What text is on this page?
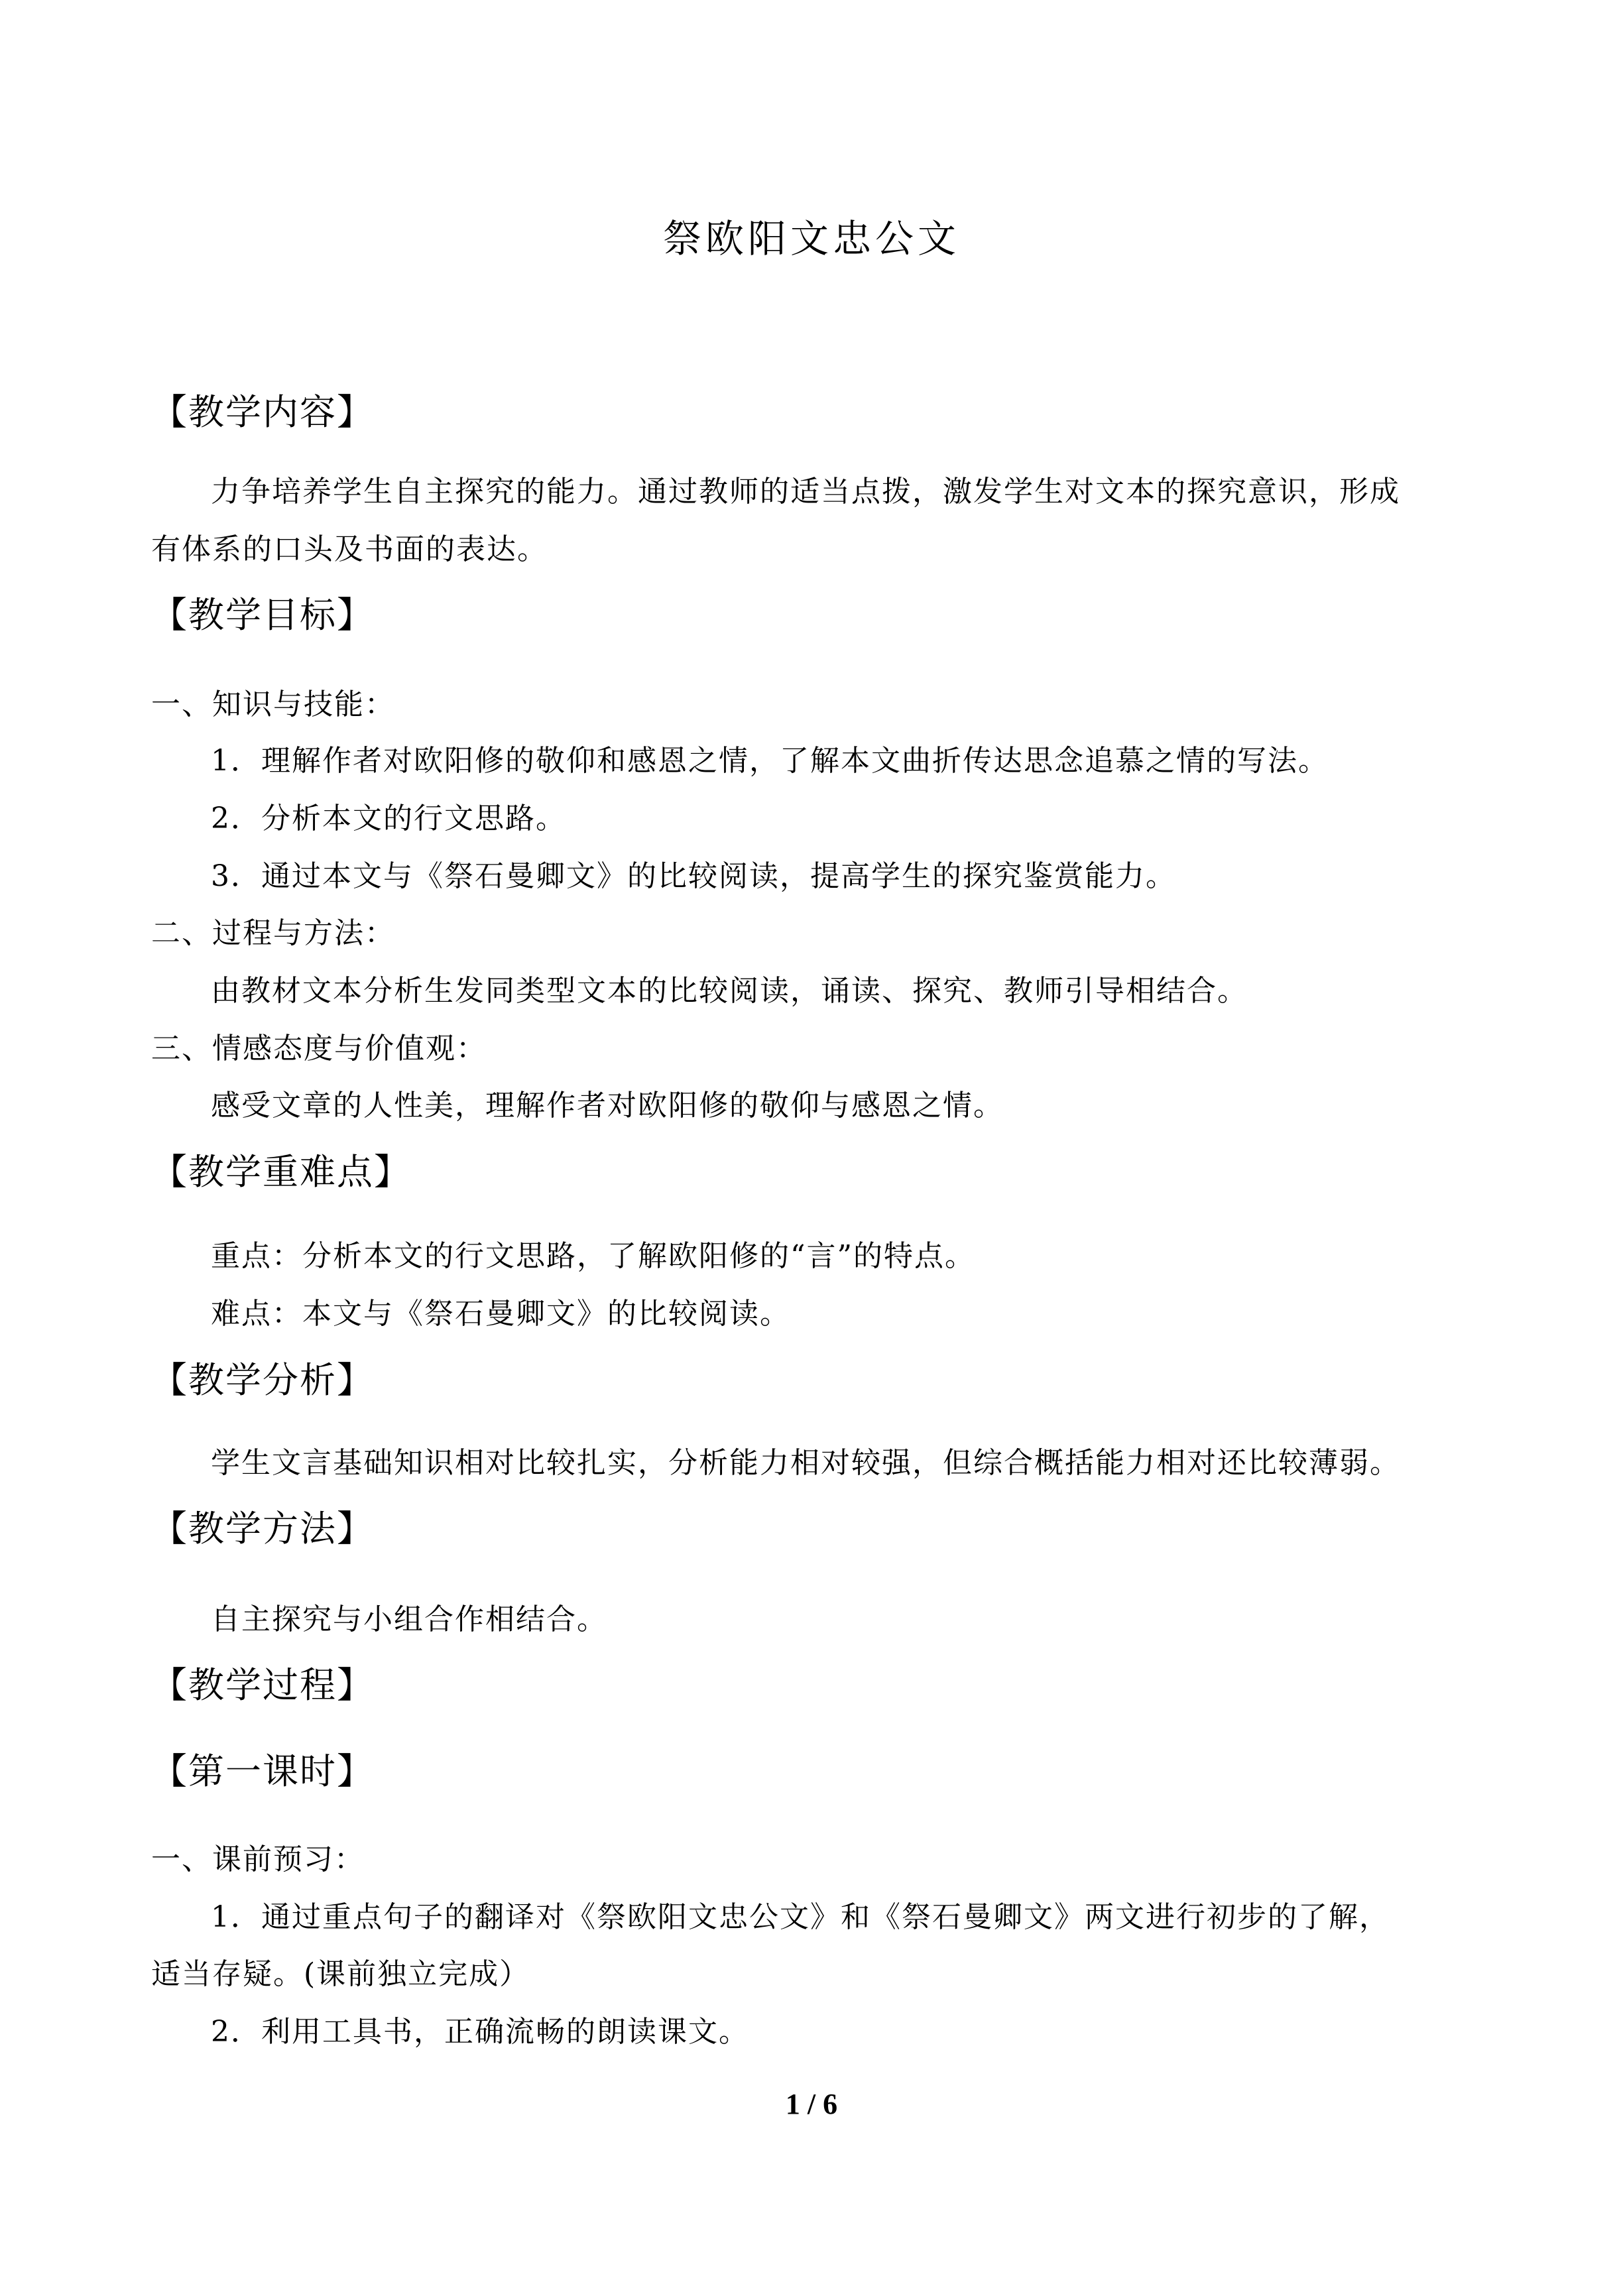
祭欧阳文忠公文
【教学内容】
力争培养学生自主探究的能力。通过教师的适当点拨，激发学生对文本的探究意识，形成
有体系的口头及书面的表达。
【教学目标】
一、知识与技能：
1．理解作者对欧阳修的敬仰和感恩之情，了解本文曲折传达思念追慕之情的写法。
2．分析本文的行文思路。
3．通过本文与《祭石曼卿文》的比较阅读，提高学生的探究鉴赏能力。
二、过程与方法：
由教材文本分析生发同类型文本的比较阅读，诵读、探究、教师引导相结合。
三、情感态度与价值观：
感受文章的人性美，理解作者对欧阳修的敬仰与感恩之情。
【教学重难点】
重点：分析本文的行文思路，了解欧阳修的“言”的特点。
难点：本文与《祭石曼卿文》的比较阅读。
【教学分析】
学生文言基础知识相对比较扎实，分析能力相对较强，但综合概括能力相对还比较薄弱。
【教学方法】
自主探究与小组合作相结合。
【教学过程】
【第一课时】
一、课前预习：
1．通过重点句子的翻译对《祭欧阳文忠公文》和《祭石曼卿文》两文进行初步的了解，
适当存疑。(课前独立完成）
2．利用工具书，正确流畅的朗读课文。
1 / 6
